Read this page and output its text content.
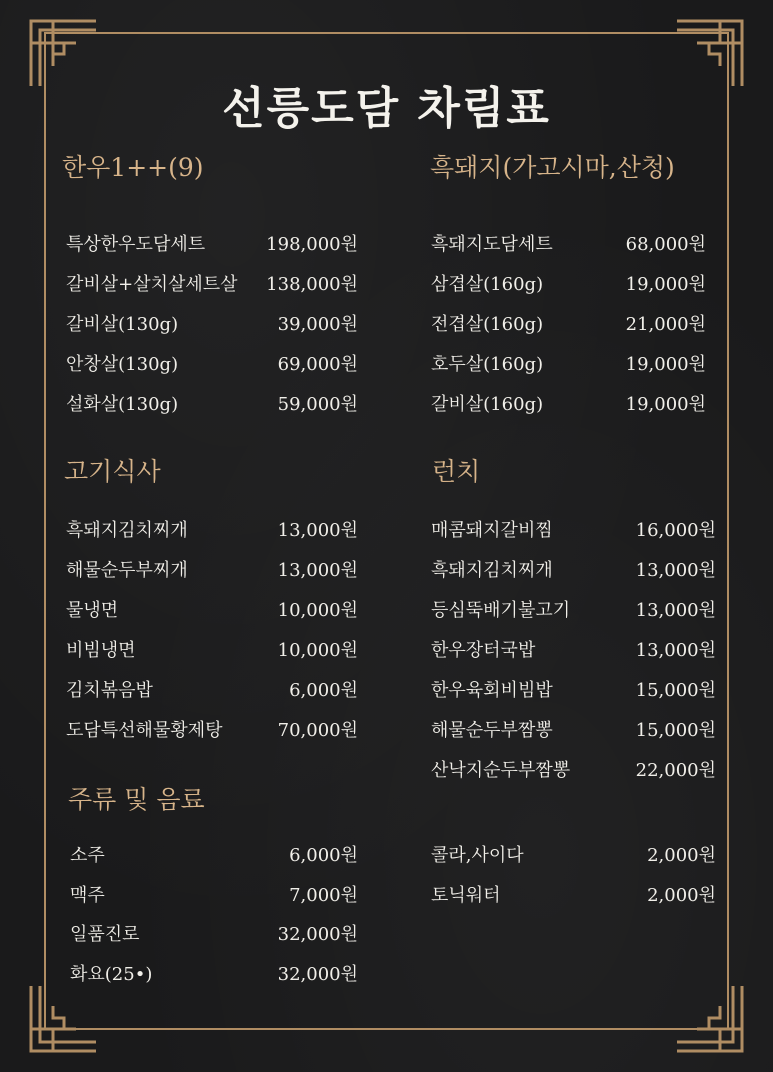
선릉도담 차림표
한우1++(9)
특상한우도담세트	198,000원
갈비살+살치살세트살 138,000원
갈비살(130g)	39,000원
안창살(130g)	69,000원
설화살(130g)	59,000원
흑돼지(가고시마,산청)
흑돼지도담세트	68,000원
삼겹살(160g)	19,000원
전겹살(160g)	21,000원
호두살(160g)	19,000원
갈비살(160g)	19,000원
고기식사
흑돼지김치찌개	13,000원
해물순두부찌개	13,000원
물냉면	10,000원
비빔냉면	10,000원
김치볶음밥	6,000원
도담특선해물황제탕	70,000원
런치
매콤돼지갈비찜	16,000원
흑돼지김치찌개	13,000원
등심뚝배기불고기	13,000원
한우장터국밥	13,000원
한우육회비빔밥	15,000원
해물순두부짬뽕	15,000원
산낙지순두부짬뽕	22,000원
주류 및 음료
소주	6,000원
맥주	7,000원
일품진로	32,000원
화요(25•)	32,000원
콜라,사이다	2,000원
토닉워터	2,000원
